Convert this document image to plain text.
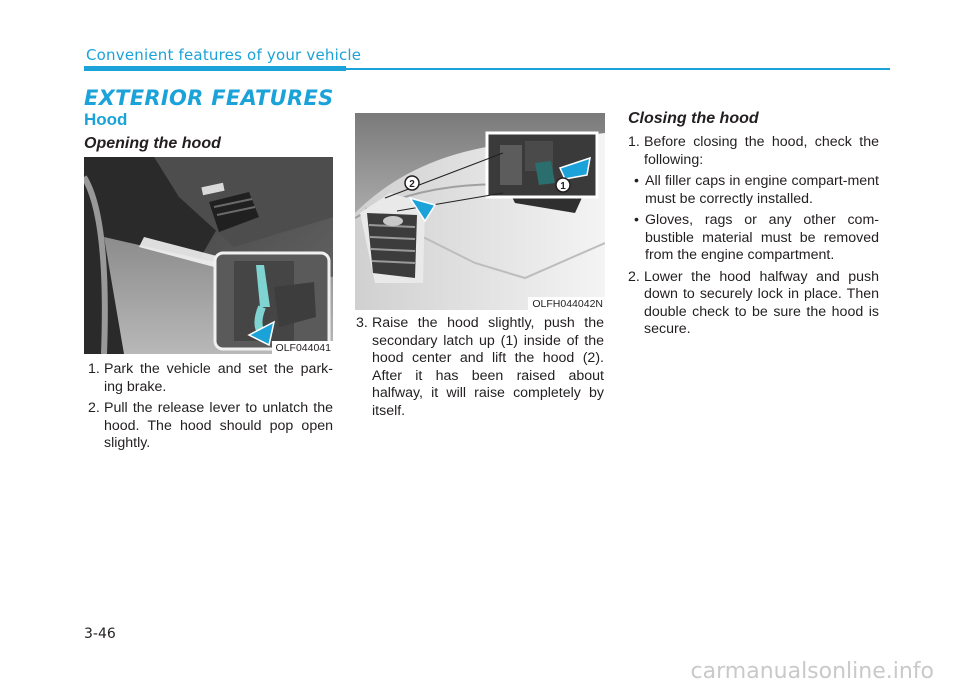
Convenient features of your vehicle
EXTERIOR FEATURES
Hood
Opening the hood
OLF044041
1. Park the vehicle and set the park-ing brake.
2. Pull the release lever to unlatch the hood. The hood should pop open slightly.
1
2
OLFH044042N
3. Raise the hood slightly, push the secondary latch up (1) inside of the hood center and lift the hood (2). After it has been raised about halfway, it will raise completely by itself.
Closing the hood
1. Before closing the hood, check the following:
• All filler caps in engine compart-ment must be correctly installed.
• Gloves, rags or any other com-bustible material must be removed from the engine compartment.
2. Lower the hood halfway and push down to securely lock in place. Then double check to be sure the hood is secure.
3-46
carmanualsonline.info
